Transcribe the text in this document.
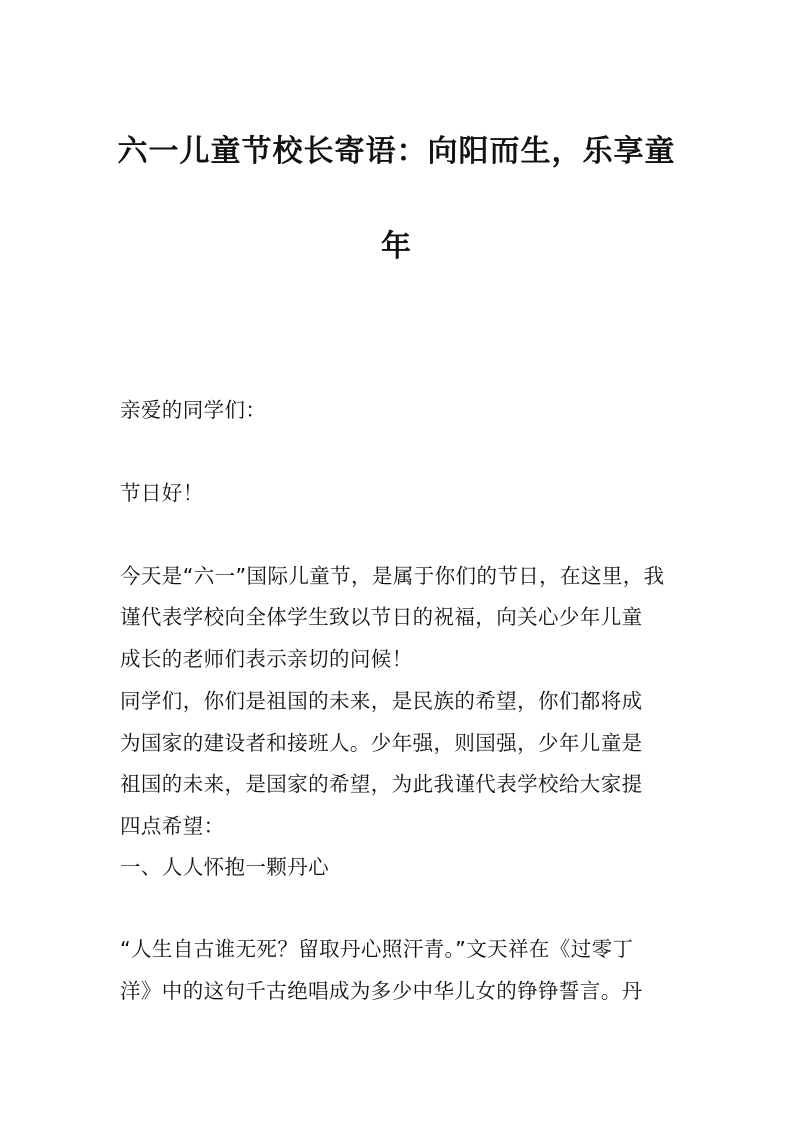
六一儿童节校长寄语：向阳而生，乐享童
年
亲爱的同学们：
节日好！
今天是“六一”国际儿童节，是属于你们的节日，在这里，我
谨代表学校向全体学生致以节日的祝福，向关心少年儿童
成长的老师们表示亲切的问候！
同学们，你们是祖国的未来，是民族的希望，你们都将成
为国家的建设者和接班人。少年强，则国强，少年儿童是
祖国的未来，是国家的希望，为此我谨代表学校给大家提
四点希望：
一、人人怀抱一颗丹心
“人生自古谁无死？留取丹心照汗青。”文天祥在《过零丁
洋》中的这句千古绝唱成为多少中华儿女的铮铮誓言。丹
